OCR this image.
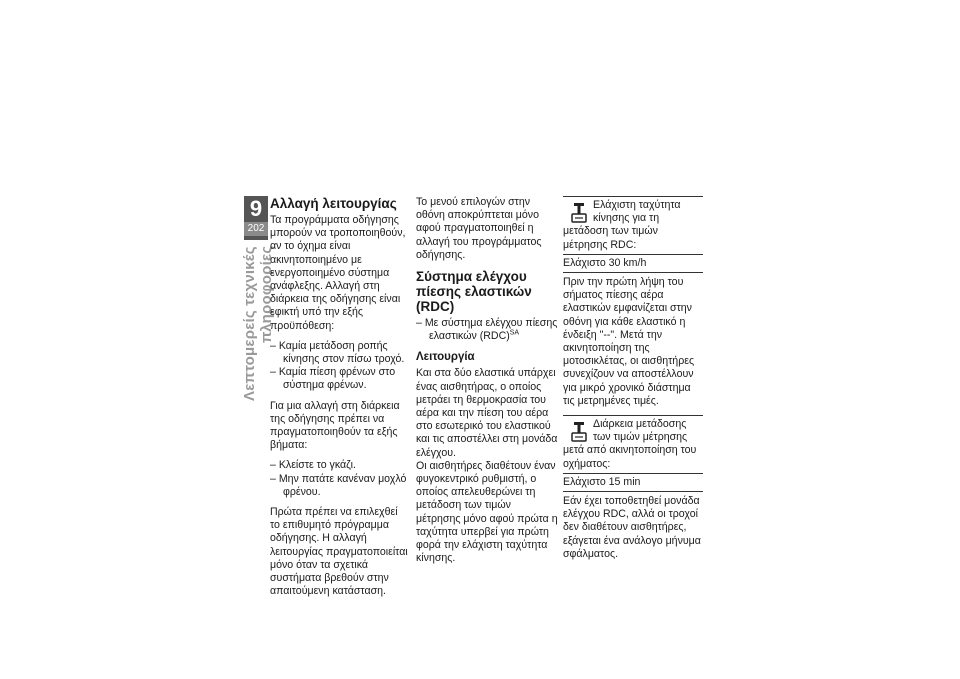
9
202
Λεπτομερείς τεχνικές πληροφορίες
Αλλαγή λειτουργίας

Τα προγράμματα οδήγησης μπορούν να τροποποιηθούν, αν το όχημα είναι ακινητοποιημένο με ενεργοποιημένο σύστημα ανάφλεξης. Αλλαγή στη διάρκεια της οδήγησης είναι εφικτή υπό την εξής προϋπόθεση:

– Καμία μετάδοση ροπής κίνησης στον πίσω τροχό.
– Καμία πίεση φρένων στο σύστημα φρένων.

Για μια αλλαγή στη διάρκεια της οδήγησης πρέπει να πραγματοποιηθούν τα εξής βήματα:

– Κλείστε το γκάζι.
– Μην πατάτε κανέναν μοχλό φρένου.

Πρώτα πρέπει να επιλεχθεί το επιθυμητό πρόγραμμα οδήγησης. Η αλλαγή λειτουργίας πραγματοποιείται μόνο όταν τα σχετικά συστήματα βρεθούν στην απαιτούμενη κατάσταση.

Το μενού επιλογών στην οθόνη αποκρύπτεται μόνο αφού πραγματοποιηθεί η αλλαγή του προγράμματος οδήγησης.

Σύστημα ελέγχου πίεσης ελαστικών (RDC)
– Με σύστημα ελέγχου πίεσης ελαστικών (RDC)$^{SA}$
Λειτουργία

Και στα δύο ελαστικά υπάρχει ένας αισθητήρας, ο οποίος μετράει τη θερμοκρασία του αέρα και την πίεση του αέρα στο εσωτερικό του ελαστικού και τις αποστέλλει στη μονάδα ελέγχου.

Οι αισθητήρες διαθέτουν έναν φυγοκεντρικό ρυθμιστή, ο οποίος απελευθερώνει τη μετάδοση των τιμών μέτρησης μόνο αφού πρώτα η ταχύτητα υπερβεί για πρώτη φορά την ελάχιστη ταχύτητα κίνησης.

Ελάχιστη ταχύτητα κίνησης για τη μετάδοση των τιμών μέτρησης RDC:
Ελάχιστο 30 km/h

Πριν την πρώτη λήψη του σήματος πίεσης αέρα ελαστικών εμφανίζεται στην οθόνη για κάθε ελαστικό η ένδειξη "--". Μετά την ακινητοποίηση της μοτοσικλέτας, οι αισθητήρες συνεχίζουν να αποστέλλουν για μικρό χρονικό διάστημα τις μετρημένες τιμές.

Διάρκεια μετάδοσης των τιμών μέτρησης μετά από ακινητοποίηση του οχήματος:
Ελάχιστο 15 min

Εάν έχει τοποθετηθεί μονάδα ελέγχου RDC, αλλά οι τροχοί δεν διαθέτουν αισθητήρες, εξάγεται ένα ανάλογο μήνυμα σφάλματος.
